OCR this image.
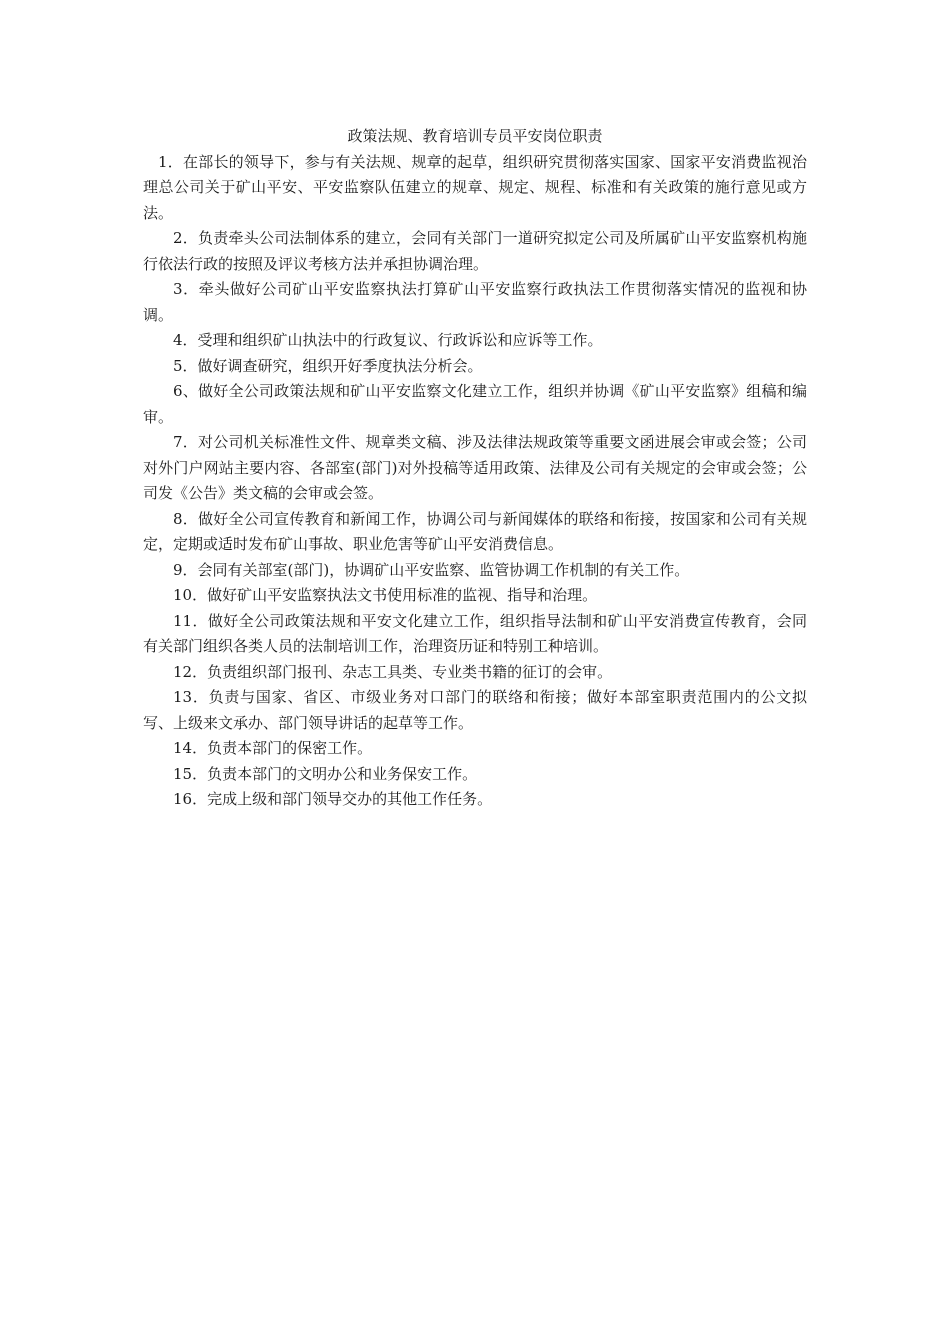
政策法规、教育培训专员平安岗位职责

1．在部长的领导下，参与有关法规、规章的起草，组织研究贯彻落实国家、国家平安消费监视治理总公司关于矿山平安、平安监察队伍建立的规章、规定、规程、标准和有关政策的施行意见或方法。

2．负责牵头公司法制体系的建立，会同有关部门一道研究拟定公司及所属矿山平安监察机构施行依法行政的按照及评议考核方法并承担协调治理。

3．牵头做好公司矿山平安监察执法打算矿山平安监察行政执法工作贯彻落实情况的监视和协调。

4．受理和组织矿山执法中的行政复议、行政诉讼和应诉等工作。

5．做好调查研究，组织开好季度执法分析会。

6、做好全公司政策法规和矿山平安监察文化建立工作，组织并协调《矿山平安监察》组稿和编审。

7．对公司机关标准性文件、规章类文稿、涉及法律法规政策等重要文函进展会审或会签；公司对外门户网站主要内容、各部室(部门)对外投稿等适用政策、法律及公司有关规定的会审或会签；公司发《公告》类文稿的会审或会签。

8．做好全公司宣传教育和新闻工作，协调公司与新闻媒体的联络和衔接，按国家和公司有关规定，定期或适时发布矿山事故、职业危害等矿山平安消费信息。

9．会同有关部室(部门)，协调矿山平安监察、监管协调工作机制的有关工作。

10．做好矿山平安监察执法文书使用标准的监视、指导和治理。

11．做好全公司政策法规和平安文化建立工作，组织指导法制和矿山平安消费宣传教育，会同有关部门组织各类人员的法制培训工作，治理资历证和特别工种培训。

12．负责组织部门报刊、杂志工具类、专业类书籍的征订的会审。

13．负责与国家、省区、市级业务对口部门的联络和衔接；做好本部室职责范围内的公文拟写、上级来文承办、部门领导讲话的起草等工作。

14．负责本部门的保密工作。

15．负责本部门的文明办公和业务保安工作。

16．完成上级和部门领导交办的其他工作任务。
